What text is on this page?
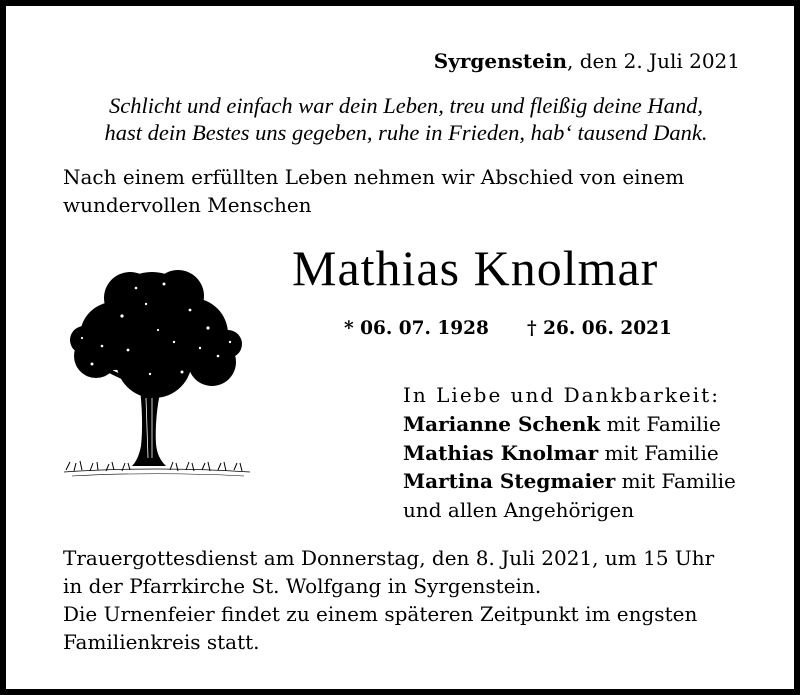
Syrgenstein, den 2. Juli 2021
Schlicht und einfach war dein Leben, treu und fleißig deine Hand,
hast dein Bestes uns gegeben, ruhe in Frieden, hab‘ tausend Dank.
Nach einem erfüllten Leben nehmen wir Abschied von einem
wundervollen Menschen
Mathias Knolmar
* 06. 07. 1928 † 26. 06. 2021
In Liebe und Dankbarkeit:
Marianne Schenk mit Familie
Mathias Knolmar mit Familie
Martina Stegmaier mit Familie
und allen Angehörigen
Trauergottesdienst am Donnerstag, den 8. Juli 2021, um 15 Uhr
in der Pfarrkirche St. Wolfgang in Syrgenstein.
Die Urnenfeier findet zu einem späteren Zeitpunkt im engsten
Familienkreis statt.
